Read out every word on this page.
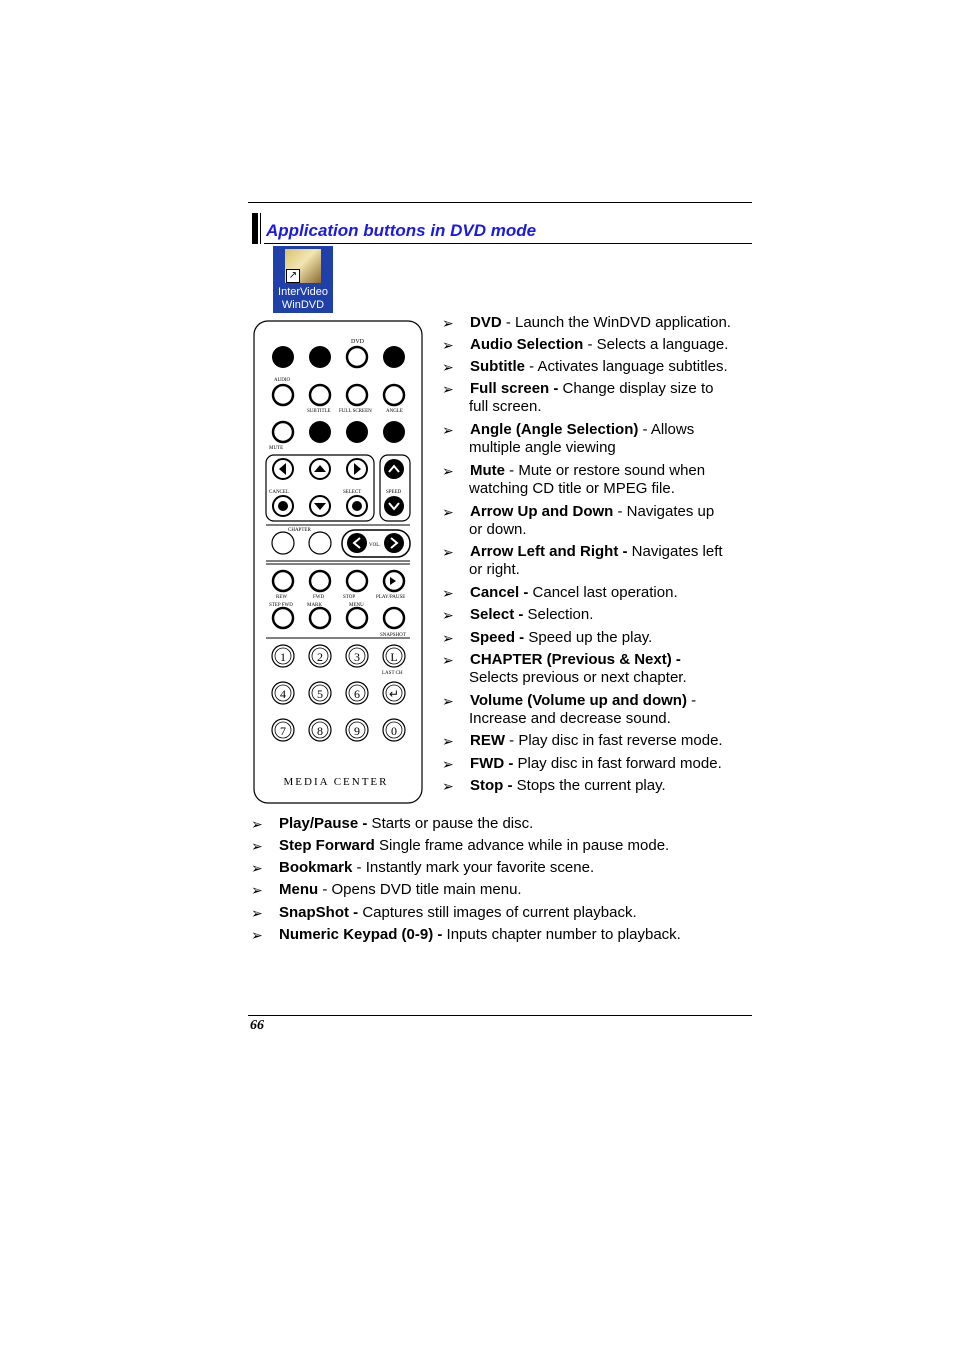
Application buttons in DVD mode
↗
InterVideo
WinDVD
DVD
AUDIO
SUBTITLE FULL SCREEN	ANGLE
MUTE
CANCEL	SELECT	SPEED
CHAPTER
VOL.
REW	FWD	STOP	PLAY/PAUSE
STEP FWD	MARK	MENU
SNAPSHOT
1	2	3	L
LAST CH
4	5	6 ↵
7	8	9	0
MEDIA CENTER
➢ DVD - Launch the WinDVD application.
➢ Audio Selection - Selects a language.
➢ Subtitle - Activates language subtitles.
➢ Full screen - Change display size to
full screen.
➢ Angle (Angle Selection) - Allows
multiple angle viewing
➢ Mute - Mute or restore sound when
watching CD title or MPEG file.
➢ Arrow Up and Down - Navigates up
or down.
➢ Arrow Left and Right - Navigates left
or right.
➢ Cancel - Cancel last operation.
➢ Select - Selection.
➢ Speed - Speed up the play.
➢ CHAPTER (Previous & Next) -
Selects previous or next chapter.
➢ Volume (Volume up and down) -
Increase and decrease sound.
➢ REW - Play disc in fast reverse mode.
➢ FWD - Play disc in fast forward mode.
➢ Stop - Stops the current play.
➢ Play/Pause - Starts or pause the disc.
➢ Step Forward Single frame advance while in pause mode.
➢ Bookmark - Instantly mark your favorite scene.
➢ Menu - Opens DVD title main menu.
➢ SnapShot - Captures still images of current playback.
➢ Numeric Keypad (0-9) - Inputs chapter number to playback.
66
